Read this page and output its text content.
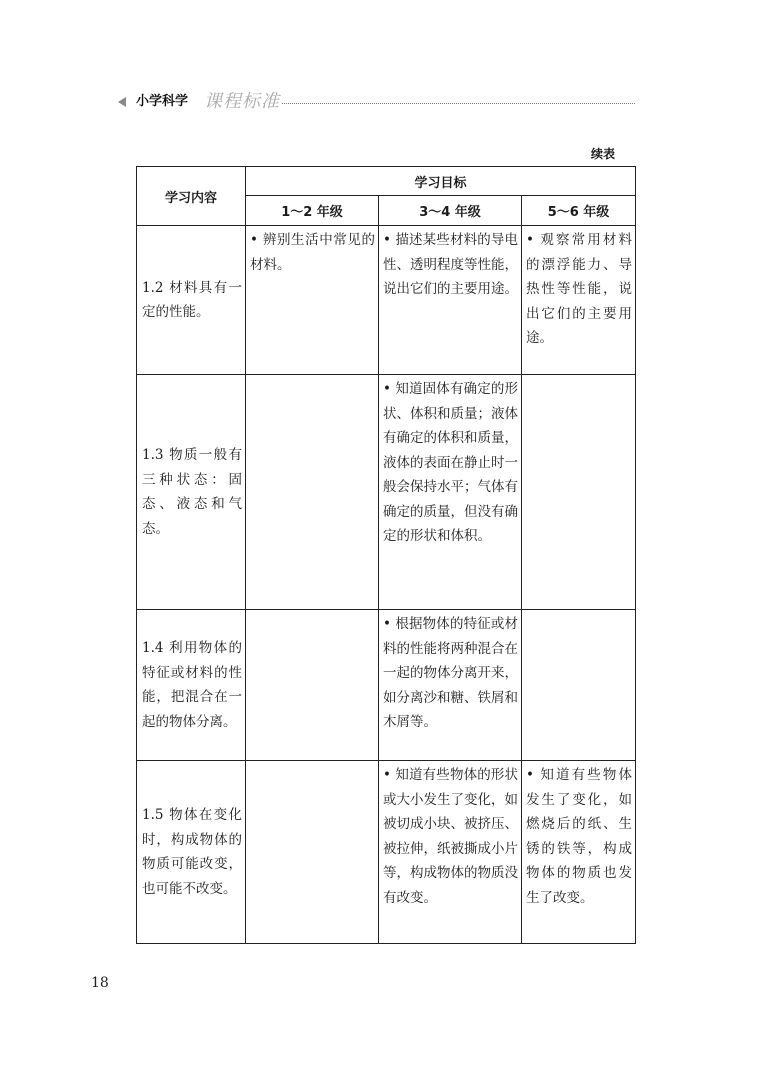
小学科学 课程标准
续表
学习内容	学习目标		
	1～2 年级	3～4 年级	5～6 年级

1.2 材料具有一定的性能。	• 辨别生活中常见的材料。	• 描述某些材料的导电性、透明程度等性能，说出它们的主要用途。	• 观察常用材料的漂浮能力、导热性等性能，说出它们的主要用途。

1.3 物质一般有三种状态：固态、液态和气态。		• 知道固体有确定的形状、体积和质量；液体有确定的体积和质量，液体的表面在静止时一般会保持水平；气体有确定的质量，但没有确定的形状和体积。	

1.4 利用物体的特征或材料的性能，把混合在一起的物体分离。		• 根据物体的特征或材料的性能将两种混合在一起的物体分离开来，如分离沙和糖、铁屑和木屑等。	

1.5 物体在变化时，构成物体的物质可能改变，也可能不改变。		• 知道有些物体的形状或大小发生了变化，如被切成小块、被挤压、被拉伸，纸被撕成小片等，构成物体的物质没有改变。	• 知道有些物体发生了变化，如燃烧后的纸、生锈的铁等，构成物体的物质也发生了改变。
18
